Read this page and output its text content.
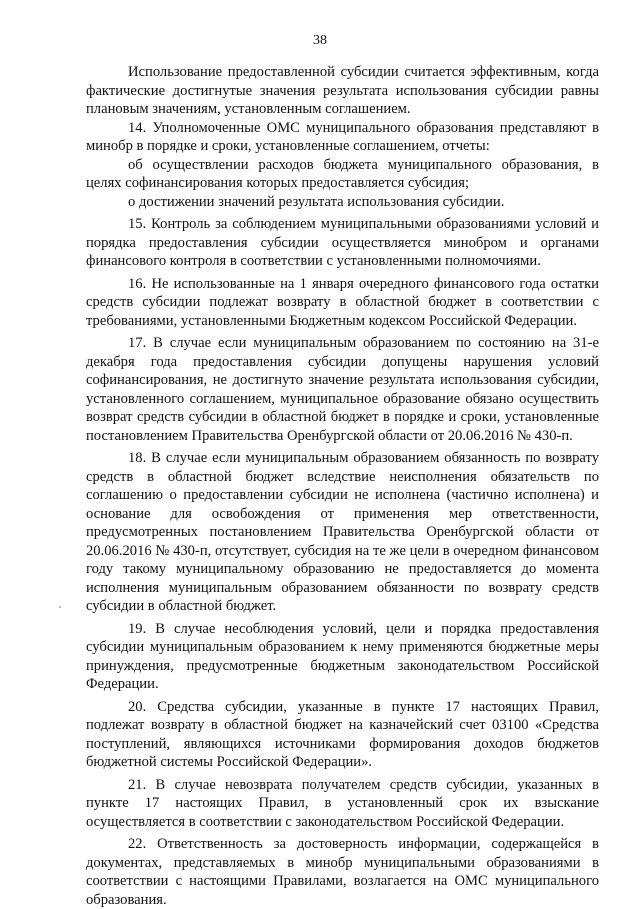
38

Использование предоставленной субсидии считается эффективным, когда фактические достигнутые значения результата использования субсидии равны плановым значениям, установленным соглашением.

14. Уполномоченные ОМС муниципального образования представляют в минобр в порядке и сроки, установленные соглашением, отчеты:

об осуществлении расходов бюджета муниципального образования, в целях софинансирования которых предоставляется субсидия;

о достижении значений результата использования субсидии.

15. Контроль за соблюдением муниципальными образованиями условий и порядка предоставления субсидии осуществляется минобром и органами финансового контроля в соответствии с установленными полномочиями.

16. Не использованные на 1 января очередного финансового года остатки средств субсидии подлежат возврату в областной бюджет в соответствии с требованиями, установленными Бюджетным кодексом Российской Федерации.

17. В случае если муниципальным образованием по состоянию на 31-е декабря года предоставления субсидии допущены нарушения условий софинансирования, не достигнуто значение результата использования субсидии, установленного соглашением, муниципальное образование обязано осуществить возврат средств субсидии в областной бюджет в порядке и сроки, установленные постановлением Правительства Оренбургской области от 20.06.2016 № 430-п.

18. В случае если муниципальным образованием обязанность по возврату средств в областной бюджет вследствие неисполнения обязательств по соглашению о предоставлении субсидии не исполнена (частично исполнена) и основание для освобождения от применения мер ответственности, предусмотренных постановлением Правительства Оренбургской области от 20.06.2016 № 430-п, отсутствует, субсидия на те же цели в очередном финансовом году такому муниципальному образованию не предоставляется до момента исполнения муниципальным образованием обязанности по возврату средств субсидии в областной бюджет.

19. В случае несоблюдения условий, цели и порядка предоставления субсидии муниципальным образованием к нему применяются бюджетные меры принуждения, предусмотренные бюджетным законодательством Российской Федерации.

20. Средства субсидии, указанные в пункте 17 настоящих Правил, подлежат возврату в областной бюджет на казначейский счет 03100 «Средства поступлений, являющихся источниками формирования доходов бюджетов бюджетной системы Российской Федерации».

21. В случае невозврата получателем средств субсидии, указанных в пункте 17 настоящих Правил, в установленный срок их взыскание осуществляется в соответствии с законодательством Российской Федерации.

22. Ответственность за достоверность информации, содержащейся в документах, представляемых в минобр муниципальными образованиями в соответствии с настоящими Правилами, возлагается на ОМС муниципального образования.
